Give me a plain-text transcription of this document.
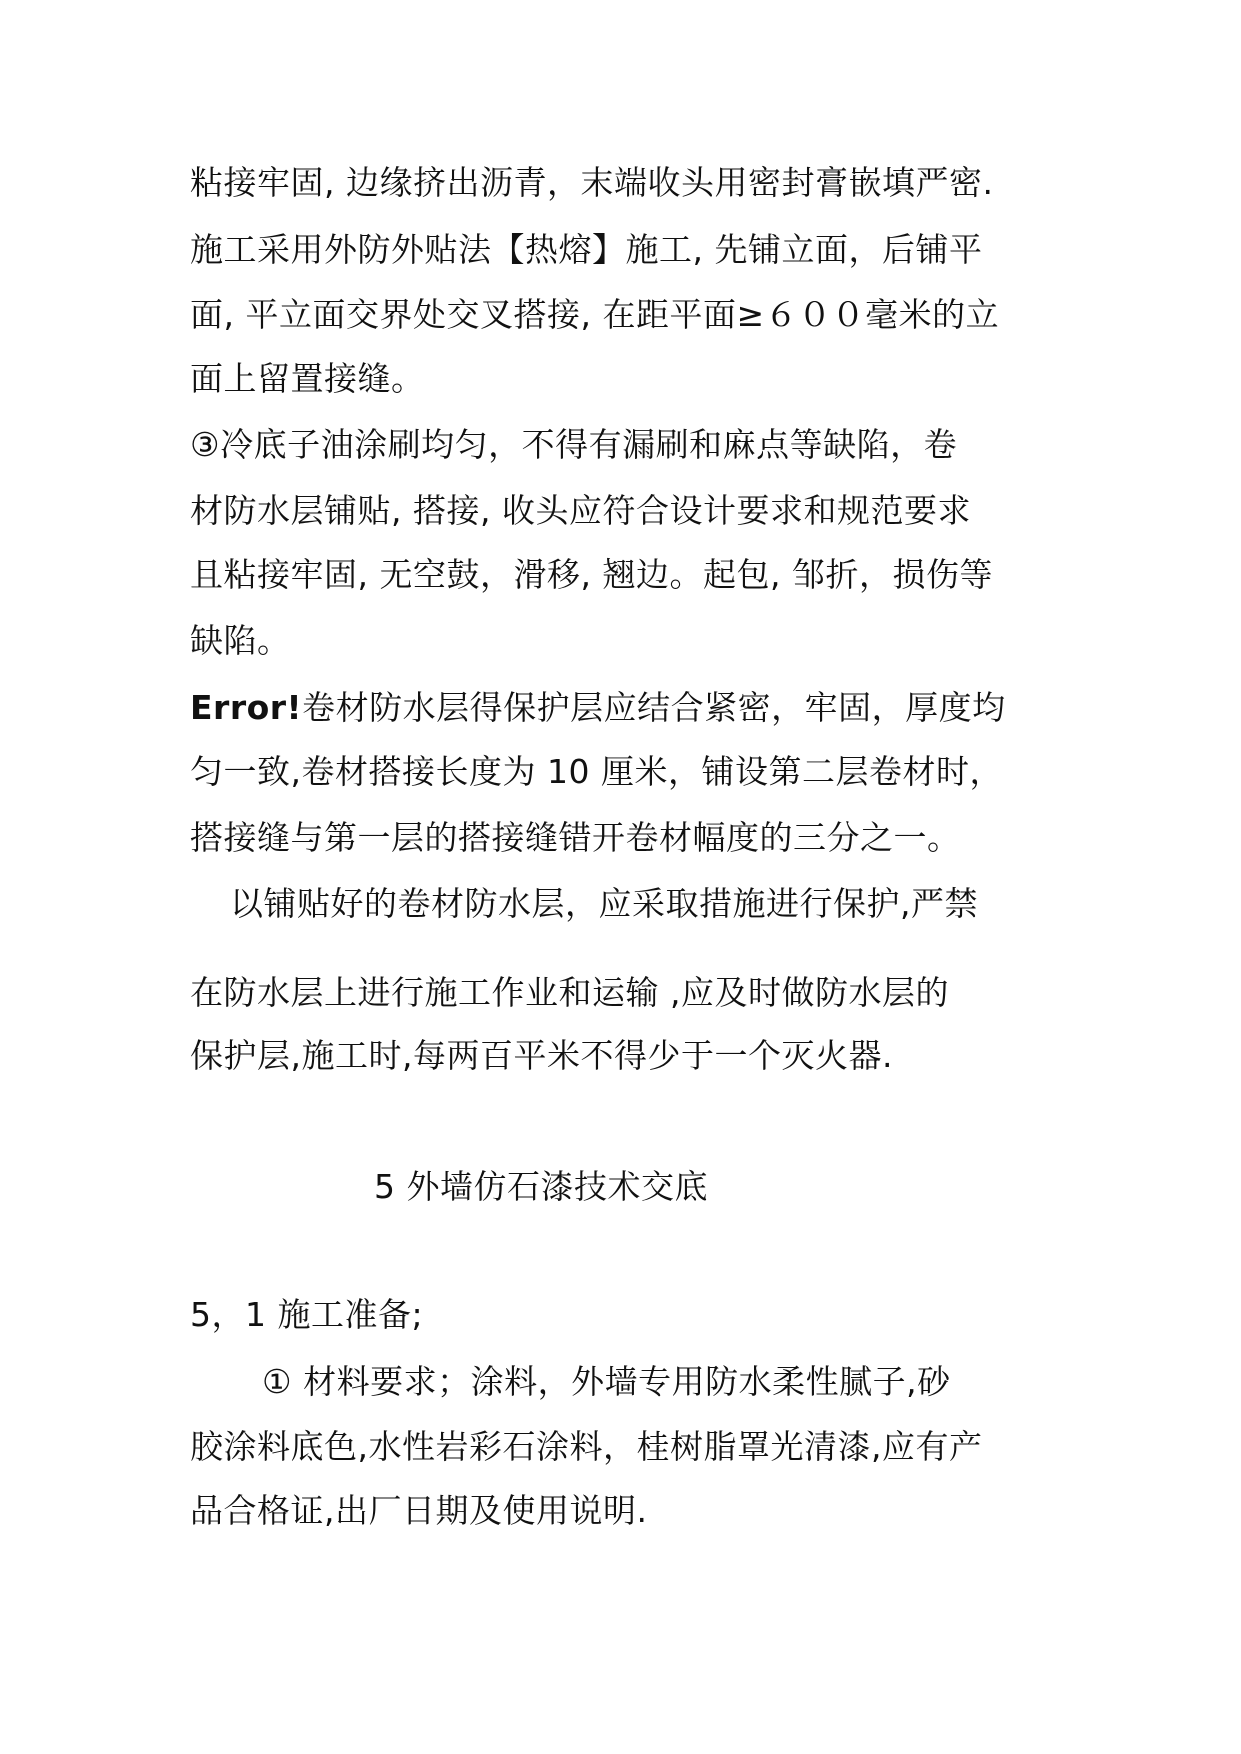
粘接牢固, 边缘挤出沥青，末端收头用密封膏嵌填严密.
施工采用外防外贴法【热熔】施工, 先铺立面，后铺平
面, 平立面交界处交叉搭接, 在距平面≥６００毫米的立
面上留置接缝。
③冷底子油涂刷均匀，不得有漏刷和麻点等缺陷，卷
材防水层铺贴, 搭接, 收头应符合设计要求和规范要求
且粘接牢固, 无空鼓，滑移, 翘边。起包, 邹折，损伤等
缺陷。
Error!卷材防水层得保护层应结合紧密，牢固，厚度均
匀一致,卷材搭接长度为 10 厘米，铺设第二层卷材时，
搭接缝与第一层的搭接缝错开卷材幅度的三分之一。
以铺贴好的卷材防水层，应采取措施进行保护,严禁
在防水层上进行施工作业和运输 ,应及时做防水层的
保护层,施工时,每两百平米不得少于一个灭火器.
5 外墙仿石漆技术交底
5，1 施工准备;
① 材料要求；涂料，外墙专用防水柔性腻子,砂
胶涂料底色,水性岩彩石涂料，桂树脂罩光清漆,应有产
品合格证,出厂日期及使用说明.
